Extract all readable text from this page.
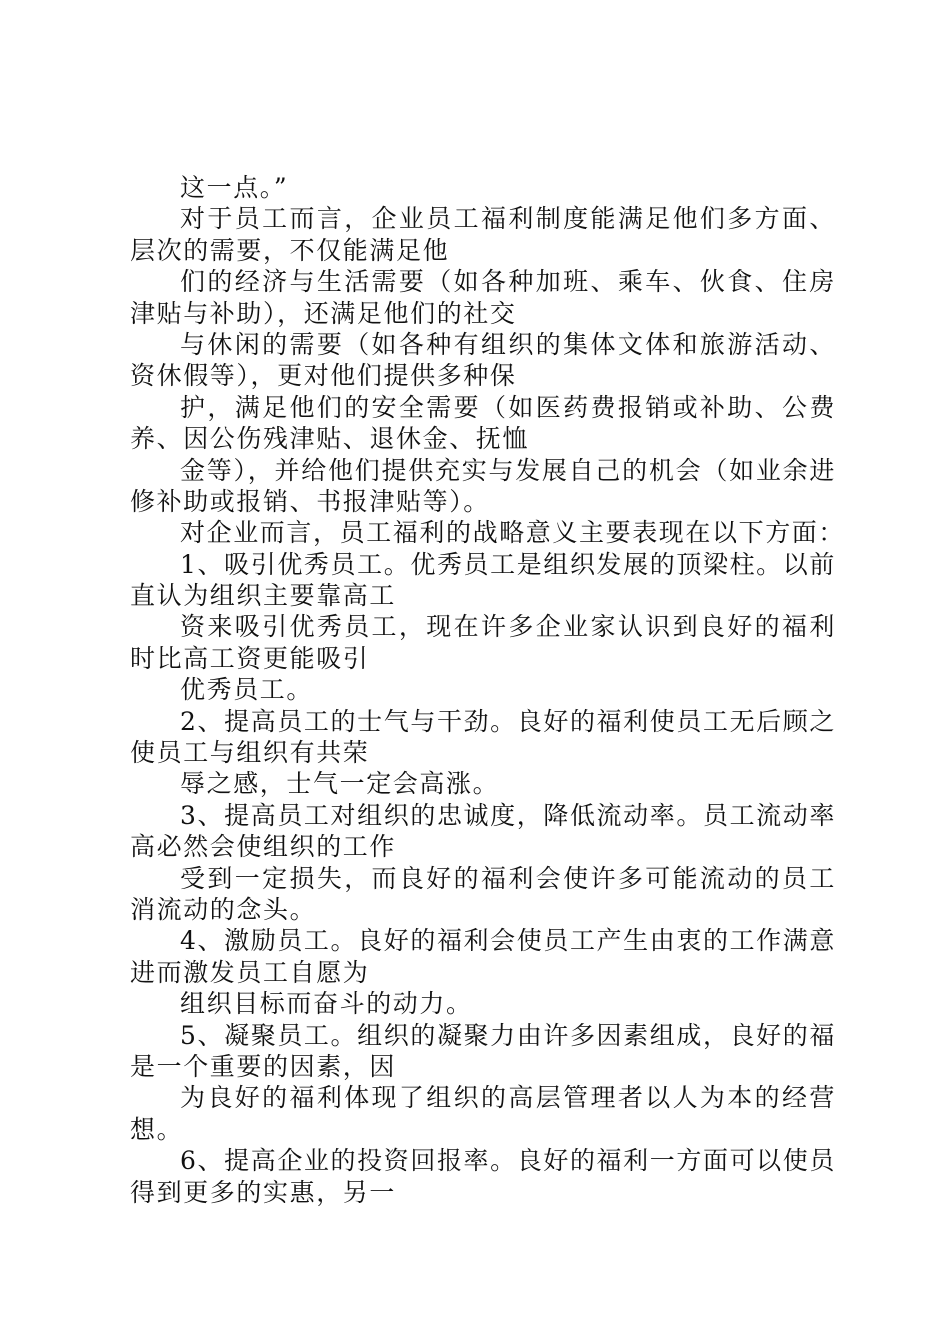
这一点。”
对于员工而言，企业员工福利制度能满足他们多方面、
层次的需要，不仅能满足他
们的经济与生活需要（如各种加班、乘车、伙食、住房
津贴与补助），还满足他们的社交
与休闲的需要（如各种有组织的集体文体和旅游活动、
资休假等），更对他们提供多种保
护，满足他们的安全需要（如医药费报销或补助、公费
养、因公伤残津贴、退休金、抚恤
金等），并给他们提供充实与发展自己的机会（如业余进
修补助或报销、书报津贴等）。
对企业而言，员工福利的战略意义主要表现在以下方面：
1、吸引优秀员工。优秀员工是组织发展的顶梁柱。以前
直认为组织主要靠高工
资来吸引优秀员工，现在许多企业家认识到良好的福利
时比高工资更能吸引
优秀员工。
2、提高员工的士气与干劲。良好的福利使员工无后顾之
使员工与组织有共荣
辱之感，士气一定会高涨。
3、提高员工对组织的忠诚度，降低流动率。员工流动率
高必然会使组织的工作
受到一定损失，而良好的福利会使许多可能流动的员工
消流动的念头。
4、激励员工。良好的福利会使员工产生由衷的工作满意
进而激发员工自愿为
组织目标而奋斗的动力。
5、凝聚员工。组织的凝聚力由许多因素组成，良好的福
是一个重要的因素，因
为良好的福利体现了组织的高层管理者以人为本的经营
想。
6、提高企业的投资回报率。良好的福利一方面可以使员
得到更多的实惠，另一
